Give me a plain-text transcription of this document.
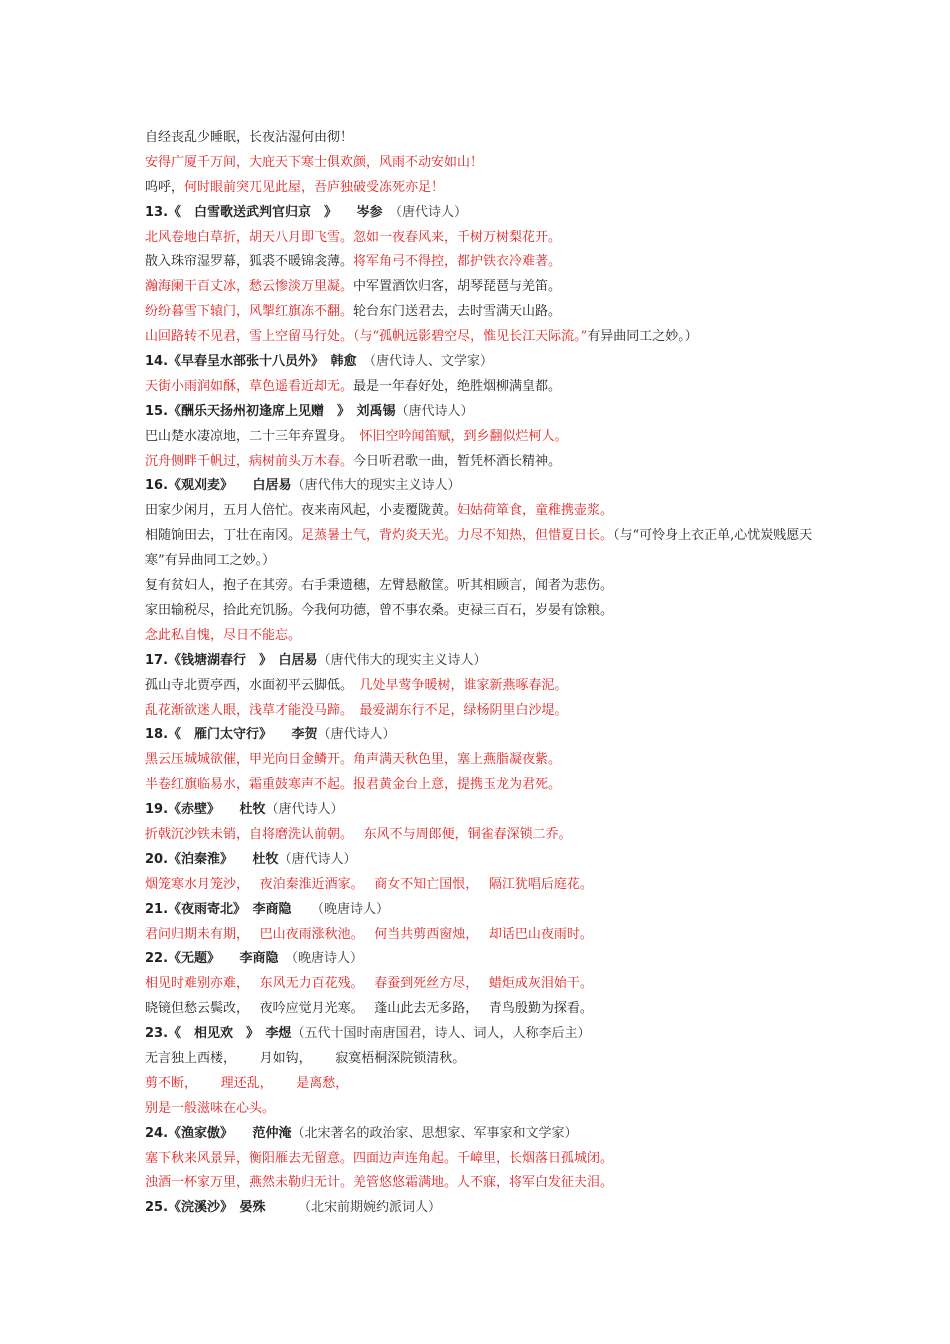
自经丧乱少睡眠，长夜沾湿何由彻！
安得广厦千万间，大庇天下寒士俱欢颜，风雨不动安如山！
呜呼，何时眼前突兀见此屋，吾庐独破受冻死亦足！
13.《　白雪歌送武判官归京　》　　岑参　（唐代诗人）
北风卷地白草折，胡天八月即飞雪。忽如一夜春风来，千树万树梨花开。
散入珠帘湿罗幕，狐裘不暖锦衾薄。将军角弓不得控，都护铁衣冷难著。
瀚海阑干百丈冰，愁云惨淡万里凝。中军置酒饮归客，胡琴琵琶与羌笛。
纷纷暮雪下辕门，风掣红旗冻不翻。轮台东门送君去，去时雪满天山路。
山回路转不见君，雪上空留马行处。（与“孤帆远影碧空尽，惟见长江天际流。”有异曲同工之妙。）
14.《早春呈水部张十八员外》　韩愈　（唐代诗人、文学家）
天街小雨润如酥，草色遥看近却无。最是一年春好处，绝胜烟柳满皇都。
15.《酬乐天扬州初逢席上见赠　》　刘禹锡（唐代诗人）
巴山楚水凄凉地，二十三年弃置身。　怀旧空吟闻笛赋，到乡翻似烂柯人。
沉舟侧畔千帆过，病树前头万木春。今日听君歌一曲，暂凭杯酒长精神。
16.《观刈麦》　　白居易（唐代伟大的现实主义诗人）
田家少闲月，五月人倍忙。夜来南风起，小麦覆陇黄。妇姑荷箪食，童稚携壶浆。
相随饷田去，丁壮在南冈。足蒸暑土气，背灼炎天光。力尽不知热，但惜夏日长。（与“可怜身上衣正单,心忧炭贱愿天寒”有异曲同工之妙。）
复有贫妇人，抱子在其旁。右手秉遗穗，左臂悬敝筐。听其相顾言，闻者为悲伤。
家田输税尽，拾此充饥肠。今我何功德，曾不事农桑。吏禄三百石，岁晏有馀粮。
念此私自愧，尽日不能忘。
17.《钱塘湖春行　》　白居易（唐代伟大的现实主义诗人）
孤山寺北贾亭西，水面初平云脚低。　几处早莺争暖树，谁家新燕啄春泥。
乱花渐欲迷人眼，浅草才能没马蹄。　最爱湖东行不足，绿杨阴里白沙堤。
18.《　雁门太守行》　　李贺（唐代诗人）
黑云压城城欲催，甲光向日金鳞开。角声满天秋色里，塞上燕脂凝夜紫。
半卷红旗临易水，霜重鼓寒声不起。报君黄金台上意，提携玉龙为君死。
19.《赤壁》　　杜牧（唐代诗人）
折戟沉沙铁未销，自将磨洗认前朝。　 东风不与周郎便，铜雀春深锁二乔。
20.《泊秦淮》　　杜牧（唐代诗人）
烟笼寒水月笼沙，　 夜泊秦淮近酒家。　 商女不知亡国恨，　 隔江犹唱后庭花。
21.《夜雨寄北》　李商隐　　（晚唐诗人）
君问归期未有期，　 巴山夜雨涨秋池。　 何当共剪西窗烛，　 却话巴山夜雨时。
22.《无题》　　李商隐　（晚唐诗人）
相见时难别亦难，　 东风无力百花残。　 春蚕到死丝方尽，　 蜡炬成灰泪始干。
晓镜但愁云鬓改，　 夜吟应觉月光寒。　 蓬山此去无多路，　 青鸟殷勤为探看。
23.《　相见欢　》　李煜（五代十国时南唐国君，诗人、词人，人称李后主）
无言独上西楼，　　 月如钩，　　 寂寞梧桐深院锁清秋。
剪不断，　　 理还乱，　　 是离愁，
别是一般滋味在心头。
24.《渔家傲》　　范仲淹（北宋著名的政治家、思想家、军事家和文学家）
塞下秋来风景异，衡阳雁去无留意。四面边声连角起。千嶂里，长烟落日孤城闭。
浊酒一杯家万里，燕然未勒归无计。羌管悠悠霜满地。人不寐，将军白发征夫泪。
25.《浣溪沙》　晏殊　　　（北宋前期婉约派词人）
